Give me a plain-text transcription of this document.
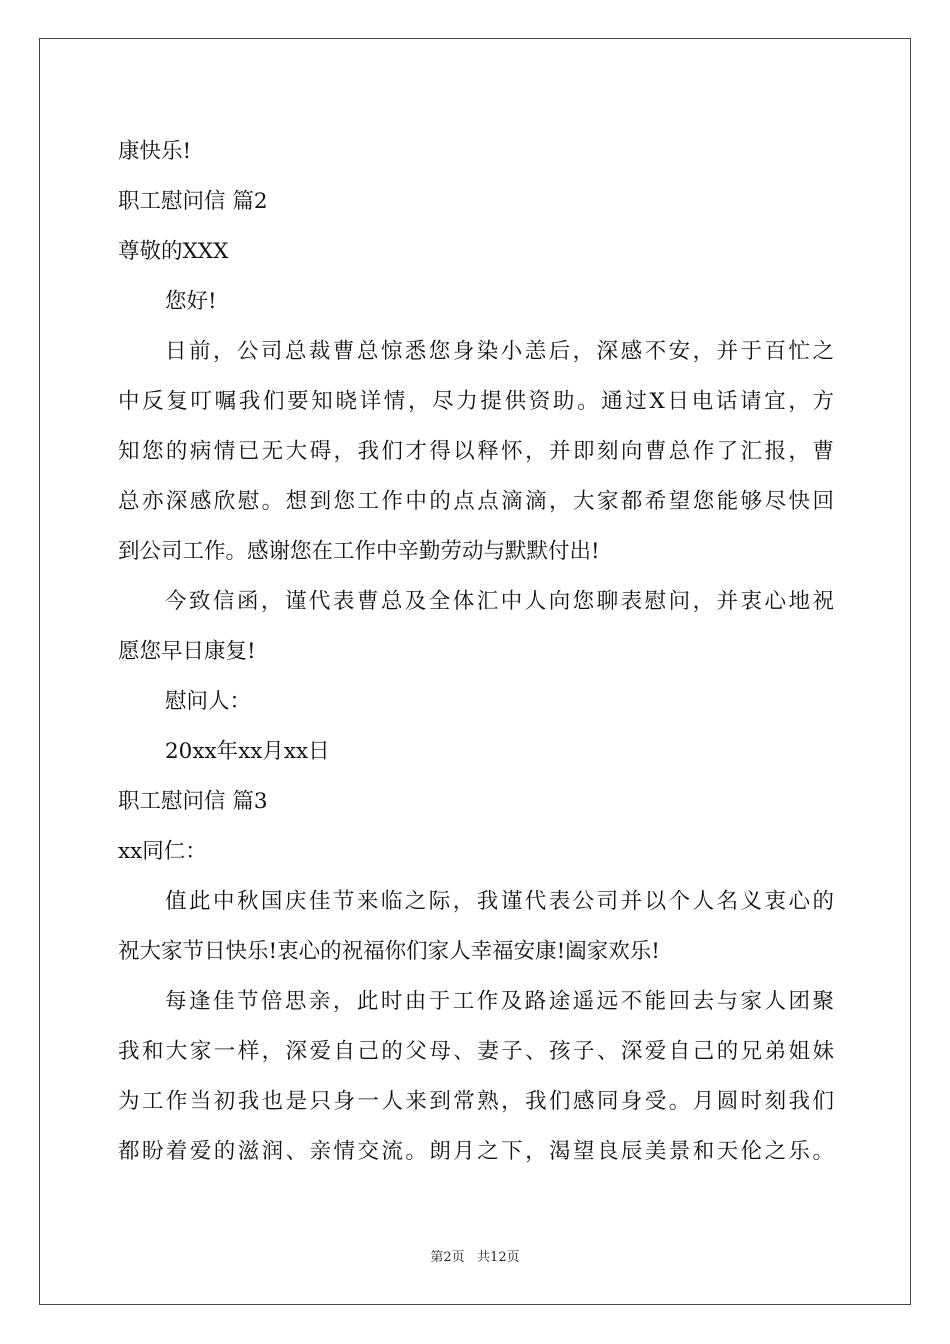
康快乐!
职工慰问信 篇2
尊敬的XXX
您好!
日前，公司总裁曹总惊悉您身染小恙后，深感不安，并于百忙之
中反复叮嘱我们要知晓详情，尽力提供资助。通过X日电话请宜，方
知您的病情已无大碍，我们才得以释怀，并即刻向曹总作了汇报，曹
总亦深感欣慰。想到您工作中的点点滴滴，大家都希望您能够尽快回
到公司工作。感谢您在工作中辛勤劳动与默默付出!
今致信函，谨代表曹总及全体汇中人向您聊表慰问，并衷心地祝
愿您早日康复!
慰问人：
20xx年xx月xx日
职工慰问信 篇3
xx同仁：
值此中秋国庆佳节来临之际，我谨代表公司并以个人名义衷心的
祝大家节日快乐!衷心的祝福你们家人幸福安康!阖家欢乐!
每逢佳节倍思亲，此时由于工作及路途遥远不能回去与家人团聚
我和大家一样，深爱自己的父母、妻子、孩子、深爱自己的兄弟姐妹
为工作当初我也是只身一人来到常熟，我们感同身受。月圆时刻我们
都盼着爱的滋润、亲情交流。朗月之下，渴望良辰美景和天伦之乐。
第2页   共12页
